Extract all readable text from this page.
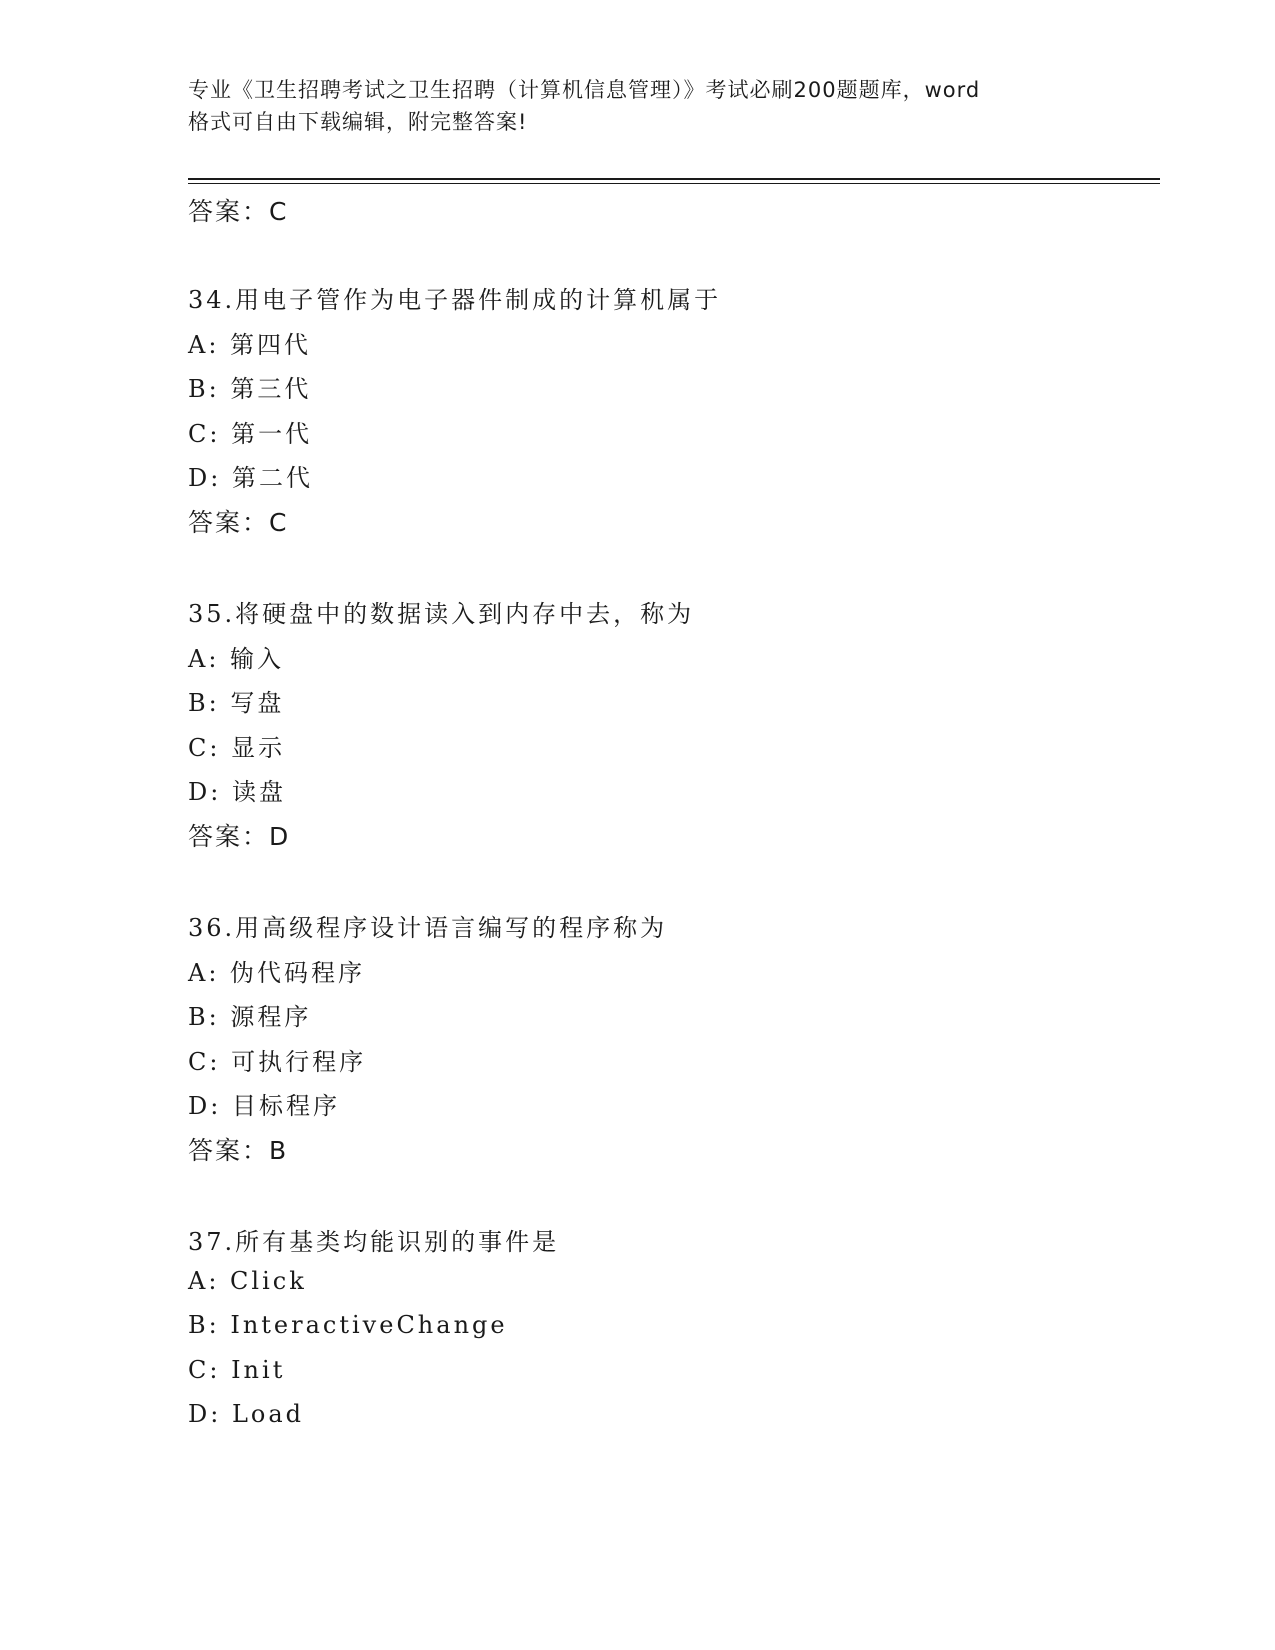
专业《卫生招聘考试之卫生招聘（计算机信息管理）》考试必刷200题题库，word
格式可自由下载编辑，附完整答案!
答案：C
34.用电子管作为电子器件制成的计算机属于
A: 第四代
B: 第三代
C: 第一代
D: 第二代
答案：C
35.将硬盘中的数据读入到内存中去，称为
A: 输入
B: 写盘
C: 显示
D: 读盘
答案：D
36.用高级程序设计语言编写的程序称为
A: 伪代码程序
B: 源程序
C: 可执行程序
D: 目标程序
答案：B
37.所有基类均能识别的事件是
A: Click
B: InteractiveChange
C: Init
D: Load
